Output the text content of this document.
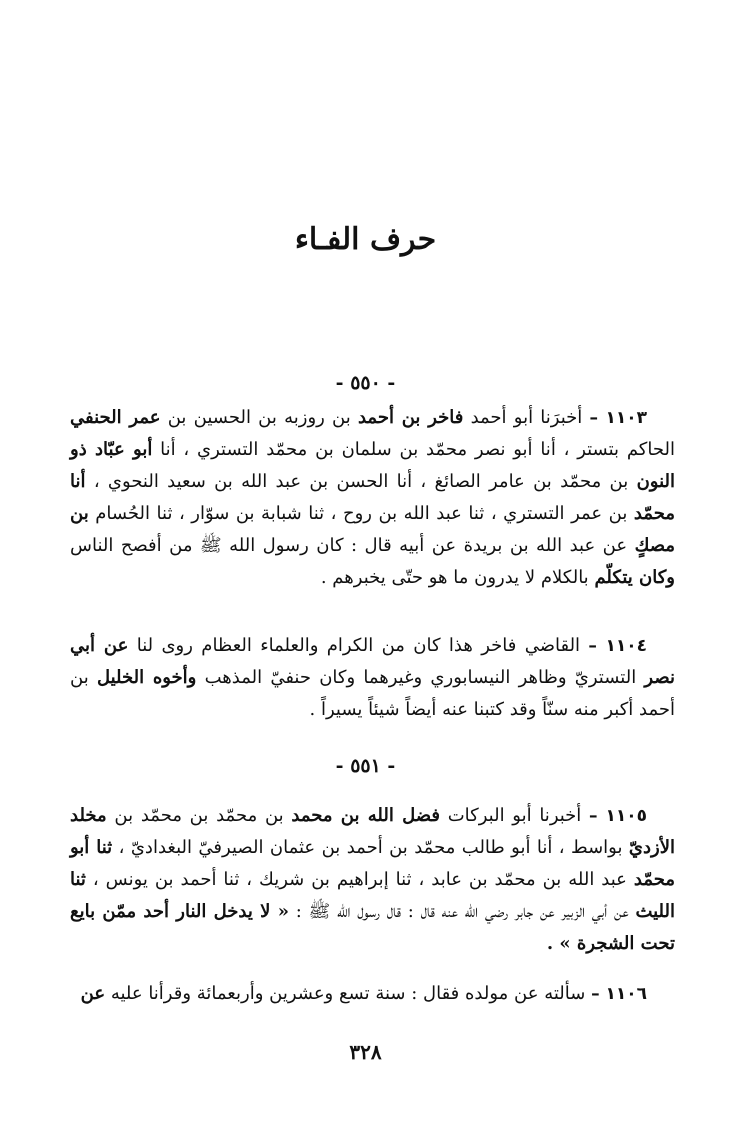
حرف الفـاء
- ٥٥٠ -

١١٠٣ – أخبرَنا أبو أحمد فاخر بن أحمد بن روزبه بن الحسين بن عمر الحنفي الحاكم بتستر ، أنا أبو نصر محمّد بن سلمان بن محمّد التستري ، أنا أبو عبّاد ذو النون بن محمّد بن عامر الصائغ ، أنا الحسن بن عبد الله بن سعيد النحوي ، أنا محمّد بن عمر التستري ، ثنا عبد الله بن روح ، ثنا شبابة بن سوّار ، ثنا الحُسام بن مصكٍ عن عبد الله بن بريدة عن أبيه قال : كان رسول الله ﷺ من أفصح الناس وكان يتكلّم بالكلام لا يدرون ما هو حتّى يخبرهم .

١١٠٤ – القاضي فاخر هذا كان من الكرام والعلماء العظام روى لنا عن أبي نصر التستريّ وظاهر النيسابوري وغيرهما وكان حنفيّ المذهب وأخوه الخليل بن أحمد أكبر منه سنّاً وقد كتبنا عنه أيضاً شيئاً يسيراً .

- ٥٥١ -

١١٠٥ – أخبرنا أبو البركات فضل الله بن محمد بن محمّد بن محمّد بن مخلد الأزديّ بواسط ، أنا أبو طالب محمّد بن أحمد بن عثمان الصيرفيّ البغداديّ ، ثنا أبو محمّد عبد الله بن محمّد بن عابد ، ثنا إبراهيم بن شريك ، ثنا أحمد بن يونس ، ثنا الليث عن أبي الزبير عن جابر رضي الله عنه قال : قال رسول الله ﷺ : « لا يدخل النار أحد ممّن بايع تحت الشجرة » .

١١٠٦ – سألته عن مولده فقال : سنة تسع وعشرين وأربعمائة وقرأنا عليه عن

٣٢٨
